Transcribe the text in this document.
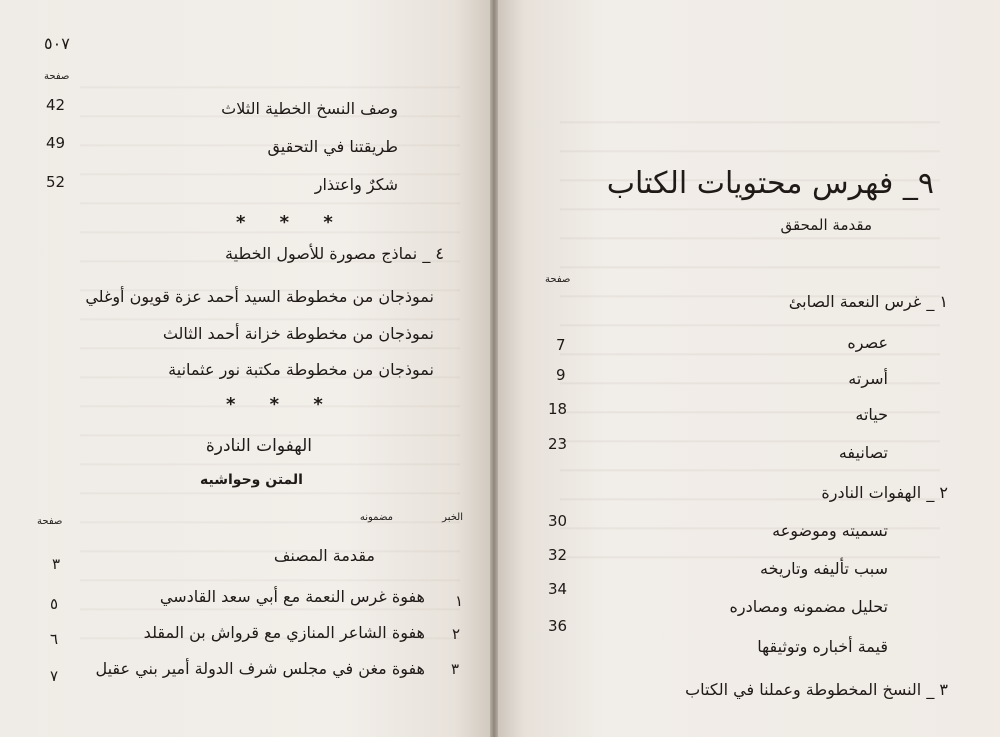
٥٠٧
صفحة
وصف النسخ الخطية الثلاث
42
طريقتنا في التحقيق
49
شكرٌ واعتذار
52
* * *
٤ _ نماذج مصورة للأصول الخطية
نموذجان من مخطوطة السيد أحمد عزة قويون أوغلي
نموذجان من مخطوطة خزانة أحمد الثالث
نموذجان من مخطوطة مكتبة نور عثمانية
* * *
الهفوات النادرة
المتن وحواشيه
الخبر
مضمونه
صفحة
مقدمة المصنف
٣
١
هفوة غرس النعمة مع أبي سعد القادسي
٥
٢
هفوة الشاعر المنازي مع قرواش بن المقلد
٦
٣
هفوة مغن في مجلس شرف الدولة أمير بني عقيل
٧
٩_ فهرس محتويات الكتاب
مقدمة المحقق
صفحة
١ _ غرس النعمة الصابئ
عصره
7
أسرته
9
حياته
18
تصانيفه
23
٢ _ الهفوات النادرة
تسميته وموضوعه
30
سبب تأليفه وتاريخه
32
تحليل مضمونه ومصادره
34
قيمة أخباره وتوثيقها
36
٣ _ النسخ المخطوطة وعملنا في الكتاب
